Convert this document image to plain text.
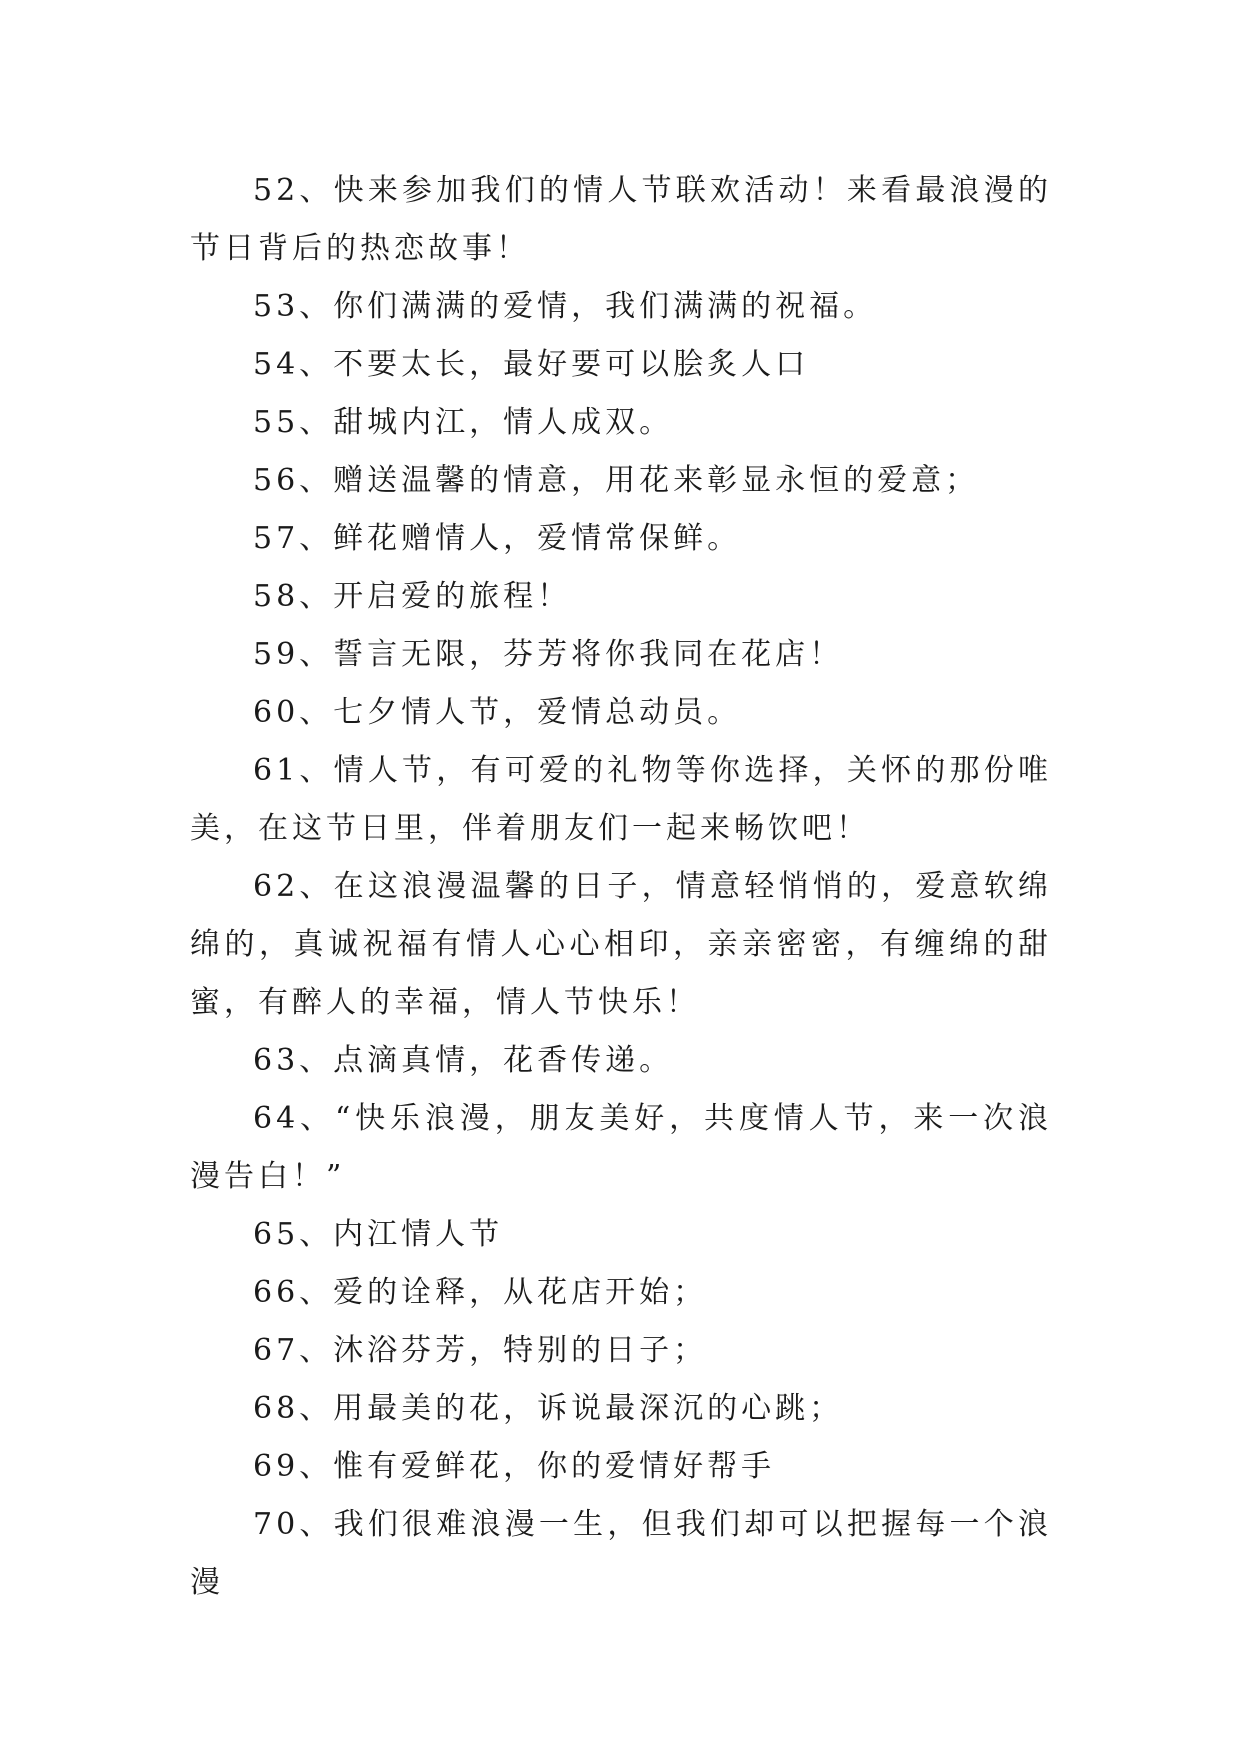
52、快来参加我们的情人节联欢活动！来看最浪漫的节日背后的热恋故事！

53、你们满满的爱情，我们满满的祝福。

54、不要太长，最好要可以脍炙人口

55、甜城内江，情人成双。

56、赠送温馨的情意，用花来彰显永恒的爱意；

57、鲜花赠情人，爱情常保鲜。

58、开启爱的旅程！

59、誓言无限，芬芳将你我同在花店！

60、七夕情人节，爱情总动员。

61、情人节，有可爱的礼物等你选择，关怀的那份唯美，在这节日里，伴着朋友们一起来畅饮吧！

62、在这浪漫温馨的日子，情意轻悄悄的，爱意软绵绵的，真诚祝福有情人心心相印，亲亲密密，有缠绵的甜蜜，有醉人的幸福，情人节快乐！

63、点滴真情，花香传递。

64、“快乐浪漫，朋友美好，共度情人节，来一次浪漫告白！”

65、内江情人节

66、爱的诠释，从花店开始；

67、沐浴芬芳，特别的日子；

68、用最美的花，诉说最深沉的心跳；

69、惟有爱鲜花，你的爱情好帮手

70、我们很难浪漫一生，但我们却可以把握每一个浪漫
